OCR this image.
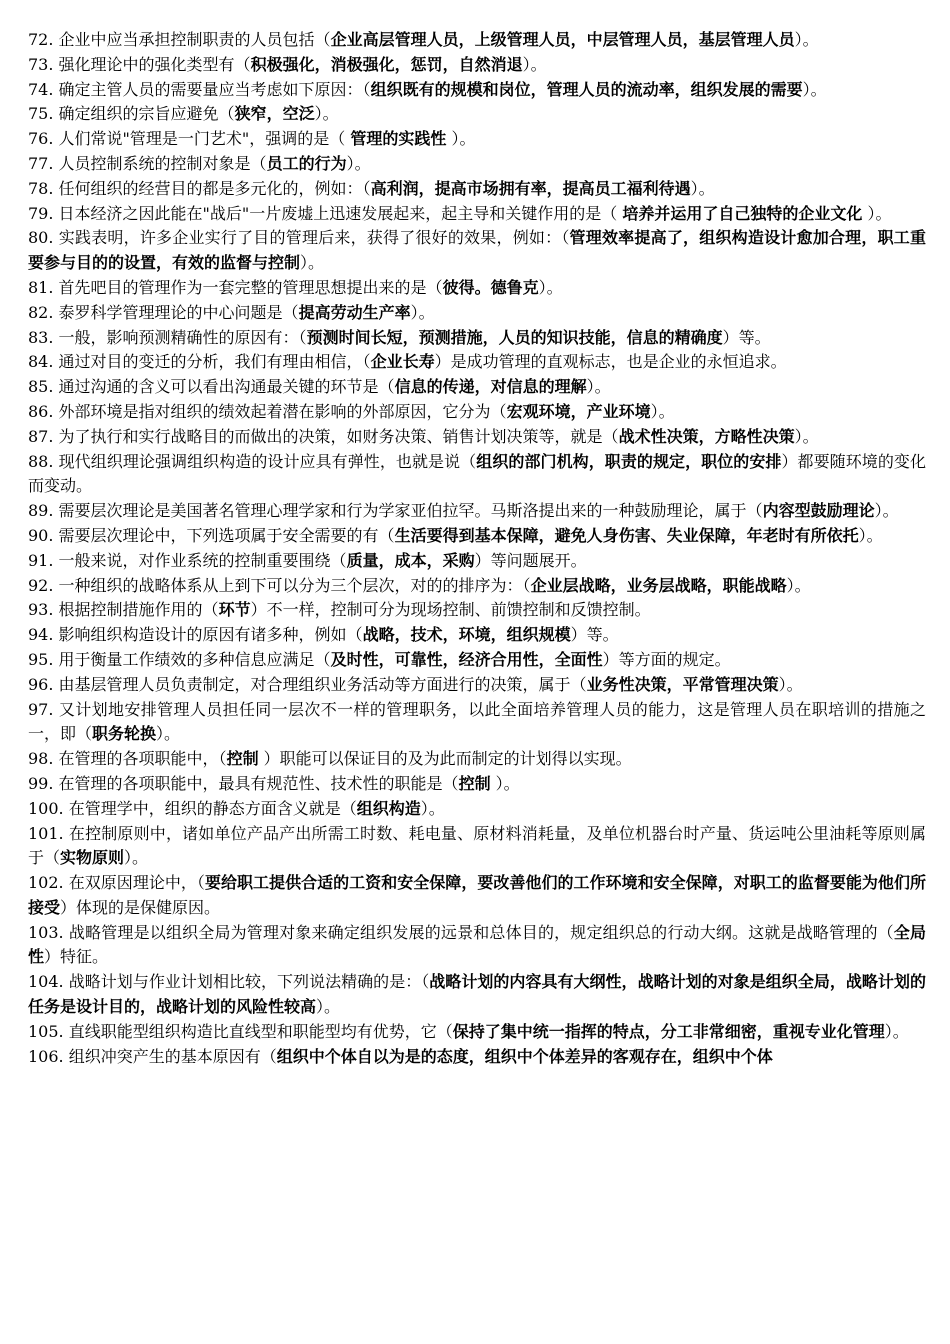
72. 企业中应当承担控制职责的人员包括（企业高层管理人员，上级管理人员，中层管理人员，基层管理人员）。
73. 强化理论中的强化类型有（积极强化，消极强化，惩罚，自然消退）。
74. 确定主管人员的需要量应当考虑如下原因：（组织既有的规模和岗位，管理人员的流动率，组织发展的需要）。
75. 确定组织的宗旨应避免（狭窄，空泛）。
76. 人们常说"管理是一门艺术"，强调的是（ 管理的实践性 ）。
77. 人员控制系统的控制对象是（员工的行为）。
78. 任何组织的经营目的都是多元化的，例如：（高利润，提高市场拥有率，提高员工福利待遇）。
79. 日本经济之因此能在"战后"一片废墟上迅速发展起来，起主导和关键作用的是（ 培养并运用了自己独特的企业文化 ）。
80. 实践表明，许多企业实行了目的管理后来，获得了很好的效果，例如：（管理效率提高了，组织构造设计愈加合理，职工重要参与目的的设置，有效的监督与控制）。
81. 首先吧目的管理作为一套完整的管理思想提出来的是（彼得。德鲁克）。
82. 泰罗科学管理理论的中心问题是（提高劳动生产率）。
83. 一般，影响预测精确性的原因有：（预测时间长短，预测措施，人员的知识技能，信息的精确度）等。
84. 通过对目的变迁的分析，我们有理由相信，（企业长寿）是成功管理的直观标志，也是企业的永恒追求。
85. 通过沟通的含义可以看出沟通最关键的环节是（信息的传递，对信息的理解）。
86. 外部环境是指对组织的绩效起着潜在影响的外部原因，它分为（宏观环境，产业环境）。
87. 为了执行和实行战略目的而做出的决策，如财务决策、销售计划决策等，就是（战术性决策，方略性决策）。
88. 现代组织理论强调组织构造的设计应具有弹性，也就是说（组织的部门机构，职责的规定，职位的安排）都要随环境的变化而变动。
89. 需要层次理论是美国著名管理心理学家和行为学家亚伯拉罕。马斯洛提出来的一种鼓励理论，属于（内容型鼓励理论）。
90. 需要层次理论中，下列选项属于安全需要的有（生活要得到基本保障，避免人身伤害、失业保障，年老时有所依托）。
91. 一般来说，对作业系统的控制重要围绕（质量，成本，采购）等问题展开。
92. 一种组织的战略体系从上到下可以分为三个层次，对的的排序为：（企业层战略，业务层战略，职能战略）。
93. 根据控制措施作用的（环节）不一样，控制可分为现场控制、前馈控制和反馈控制。
94. 影响组织构造设计的原因有诸多种，例如（战略，技术，环境，组织规模）等。
95. 用于衡量工作绩效的多种信息应满足（及时性，可靠性，经济合用性，全面性）等方面的规定。
96. 由基层管理人员负责制定，对合理组织业务活动等方面进行的决策，属于（业务性决策，平常管理决策）。
97. 又计划地安排管理人员担任同一层次不一样的管理职务，以此全面培养管理人员的能力，这是管理人员在职培训的措施之一，即（职务轮换）。
98. 在管理的各项职能中，（控制 ）职能可以保证目的及为此而制定的计划得以实现。
99. 在管理的各项职能中，最具有规范性、技术性的职能是（控制 ）。
100. 在管理学中，组织的静态方面含义就是（组织构造）。
101. 在控制原则中，诸如单位产品产出所需工时数、耗电量、原材料消耗量，及单位机器台时产量、货运吨公里油耗等原则属于（实物原则）。
102. 在双原因理论中，（要给职工提供合适的工资和安全保障，要改善他们的工作环境和安全保障，对职工的监督要能为他们所接受）体现的是保健原因。
103. 战略管理是以组织全局为管理对象来确定组织发展的远景和总体目的，规定组织总的行动大纲。这就是战略管理的（全局性）特征。
104. 战略计划与作业计划相比较，下列说法精确的是：（战略计划的内容具有大纲性，战略计划的对象是组织全局，战略计划的任务是设计目的，战略计划的风险性较高）。
105. 直线职能型组织构造比直线型和职能型均有优势，它（保持了集中统一指挥的特点，分工非常细密，重视专业化管理）。
106. 组织冲突产生的基本原因有（组织中个体自以为是的态度，组织中个体差异的客观存在，组织中个体
